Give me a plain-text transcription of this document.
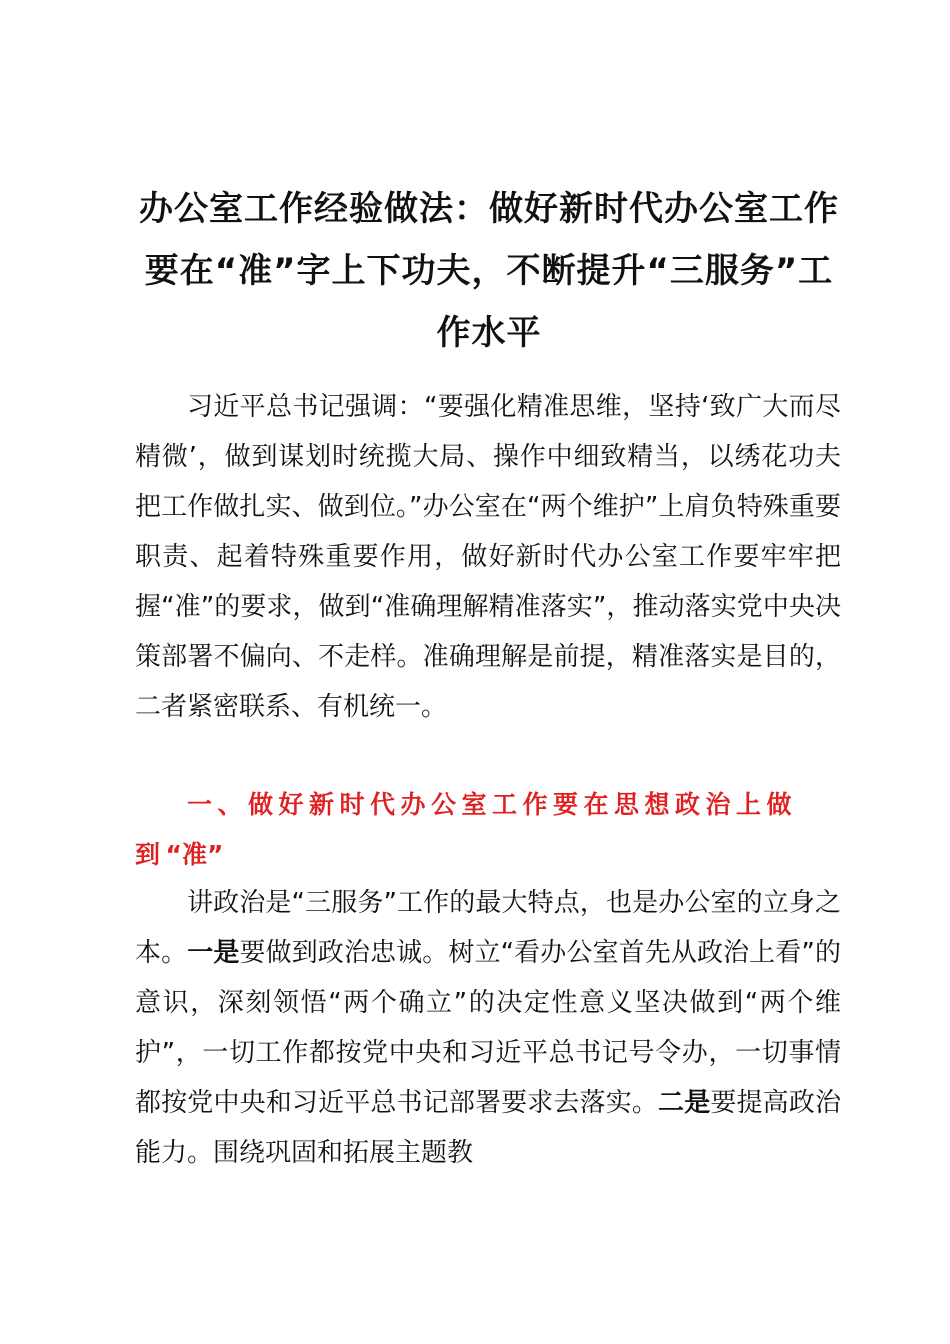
办公室工作经验做法：做好新时代办公室工作要在“准”字上下功夫，不断提升“三服务”工作水平

习近平总书记强调：“要强化精准思维，坚持‘致广大而尽精微’，做到谋划时统揽大局、操作中细致精当，以绣花功夫把工作做扎实、做到位。”办公室在“两个维护”上肩负特殊重要职责、起着特殊重要作用，做好新时代办公室工作要牢牢把握“准”的要求，做到“准确理解精准落实”，推动落实党中央决策部署不偏向、不走样。准确理解是前提，精准落实是目的，二者紧密联系、有机统一。

一、做好新时代办公室工作要在思想政治上做到“准”

讲政治是“三服务”工作的最大特点，也是办公室的立身之本。一是要做到政治忠诚。树立“看办公室首先从政治上看”的意识，深刻领悟“两个确立”的决定性意义坚决做到“两个维护”，一切工作都按党中央和习近平总书记号令办，一切事情都按党中央和习近平总书记部署要求去落实。二是要提高政治能力。围绕巩固和拓展主题教
